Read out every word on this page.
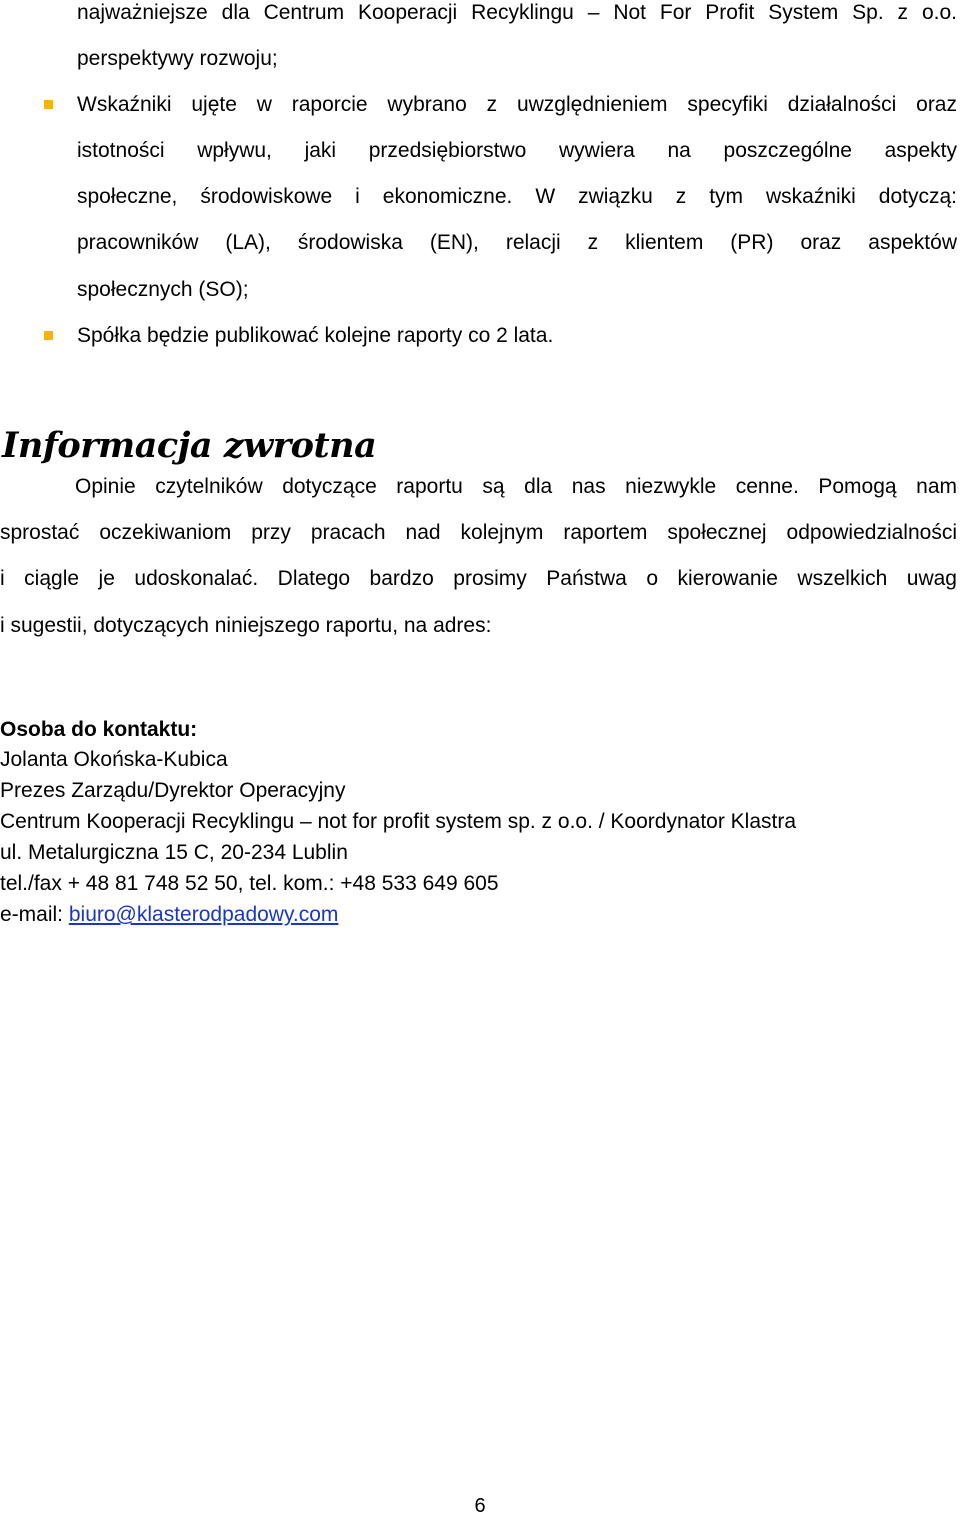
najważniejsze dla Centrum Kooperacji Recyklingu – Not For Profit System Sp. z o.o.
perspektywy rozwoju;
Wskaźniki ujęte w raporcie wybrano z uwzględnieniem specyfiki działalności oraz
istotności wpływu, jaki przedsiębiorstwo wywiera na poszczególne aspekty
społeczne, środowiskowe i ekonomiczne. W związku z tym wskaźniki dotyczą:
pracowników (LA), środowiska (EN), relacji z klientem (PR) oraz aspektów
społecznych (SO);
Spółka będzie publikować kolejne raporty co 2 lata.
Informacja zwrotna
Opinie czytelników dotyczące raportu są dla nas niezwykle cenne. Pomogą nam
sprostać oczekiwaniom przy pracach nad kolejnym raportem społecznej odpowiedzialności
i ciągle je udoskonalać. Dlatego bardzo prosimy Państwa o kierowanie wszelkich uwag
i sugestii, dotyczących niniejszego raportu, na adres:
Osoba do kontaktu:
Jolanta Okońska-Kubica
Prezes Zarządu/Dyrektor Operacyjny
Centrum Kooperacji Recyklingu – not for profit system sp. z o.o. / Koordynator Klastra
ul. Metalurgiczna 15 C, 20-234 Lublin
tel./fax + 48 81 748 52 50, tel. kom.: +48 533 649 605
e-mail: biuro@klasterodpadowy.com
6
